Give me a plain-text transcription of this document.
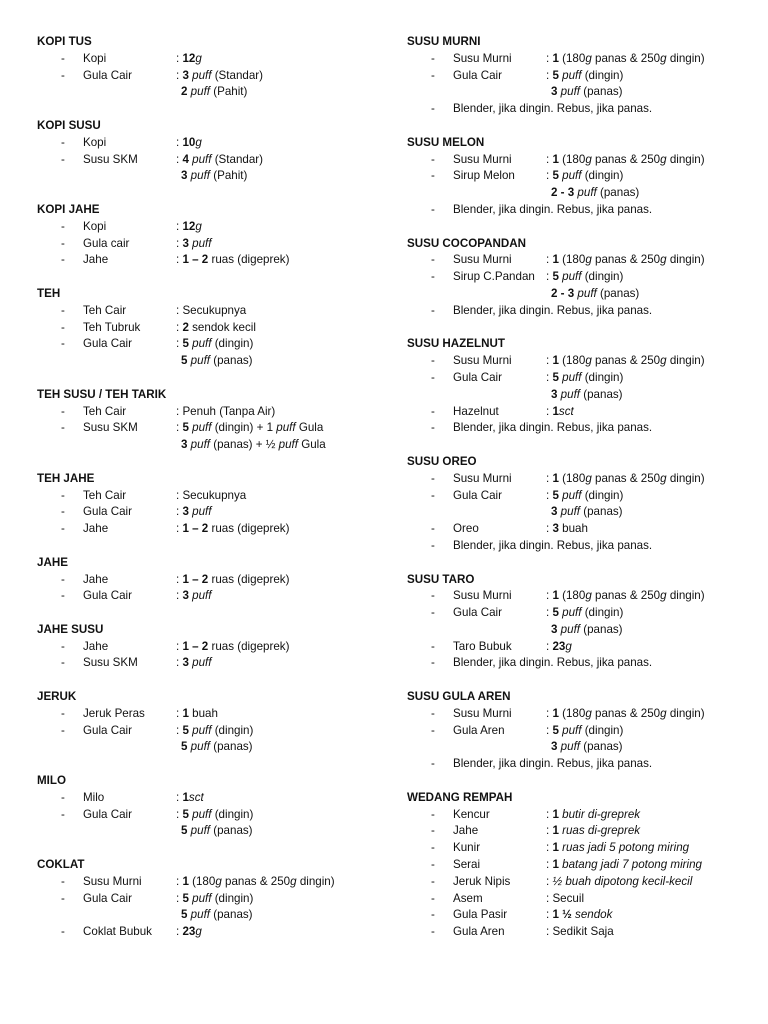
KOPI TUS
- Kopi	: 12g
- Gula Cair	: 3 puff (Standar)
2 puff (Pahit)
KOPI SUSU
- Kopi	: 10g
- Susu SKM	: 4 puff (Standar)
3 puff (Pahit)
KOPI JAHE
- Kopi	: 12g
- Gula cair	: 3 puff
- Jahe	: 1 – 2 ruas (digeprek)
TEH
- Teh Cair	: Secukupnya
- Teh Tubruk	: 2 sendok kecil
- Gula Cair	: 5 puff (dingin)
5 puff (panas)
TEH SUSU / TEH TARIK
- Teh Cair	: Penuh (Tanpa Air)
- Susu SKM	: 5 puff (dingin) + 1 puff Gula
3 puff (panas) + ½ puff Gula
TEH JAHE
- Teh Cair	: Secukupnya
- Gula Cair	: 3 puff
- Jahe	: 1 – 2 ruas (digeprek)
JAHE
- Jahe	: 1 – 2 ruas (digeprek)
- Gula Cair	: 3 puff
JAHE SUSU
- Jahe	: 1 – 2 ruas (digeprek)
- Susu SKM	: 3 puff
JERUK
- Jeruk Peras	: 1 buah
- Gula Cair	: 5 puff (dingin)
5 puff (panas)
MILO
- Milo	: 1sct
- Gula Cair	: 5 puff (dingin)
5 puff (panas)
COKLAT
- Susu Murni	: 1 (180g panas & 250g dingin)
- Gula Cair	: 5 puff (dingin)
5 puff (panas)
- Coklat Bubuk : 23g
SUSU MURNI
- Susu Murni	: 1 (180g panas & 250g dingin)
- Gula Cair	: 5 puff (dingin)
3 puff (panas)
- Blender, jika dingin. Rebus, jika panas.
SUSU MELON
- Susu Murni	: 1 (180g panas & 250g dingin)
- Sirup Melon	: 5 puff (dingin)
2 - 3 puff (panas)
- Blender, jika dingin. Rebus, jika panas.
SUSU COCOPANDAN
- Susu Murni	: 1 (180g panas & 250g dingin)
- Sirup C.Pandan : 5 puff (dingin)
2 - 3 puff (panas)
- Blender, jika dingin. Rebus, jika panas.
SUSU HAZELNUT
- Susu Murni	: 1 (180g panas & 250g dingin)
- Gula Cair	: 5 puff (dingin)
3 puff (panas)
- Hazelnut	: 1sct
- Blender, jika dingin. Rebus, jika panas.
SUSU OREO
- Susu Murni	: 1 (180g panas & 250g dingin)
- Gula Cair	: 5 puff (dingin)
3 puff (panas)
- Oreo	: 3 buah
- Blender, jika dingin. Rebus, jika panas.
SUSU TARO
- Susu Murni	: 1 (180g panas & 250g dingin)
- Gula Cair	: 5 puff (dingin)
3 puff (panas)
- Taro Bubuk	: 23g
- Blender, jika dingin. Rebus, jika panas.
SUSU GULA AREN
- Susu Murni	: 1 (180g panas & 250g dingin)
- Gula Aren	: 5 puff (dingin)
3 puff (panas)
- Blender, jika dingin. Rebus, jika panas.
WEDANG REMPAH
- Kencur	: 1 butir di-greprek
- Jahe	: 1 ruas di-greprek
- Kunir	: 1 ruas jadi 5 potong miring
- Serai	: 1 batang jadi 7 potong miring
- Jeruk Nipis	: ½ buah dipotong kecil-kecil
- Asem	: Secuil
- Gula Pasir	: 1 ½ sendok
- Gula Aren	: Sedikit Saja
